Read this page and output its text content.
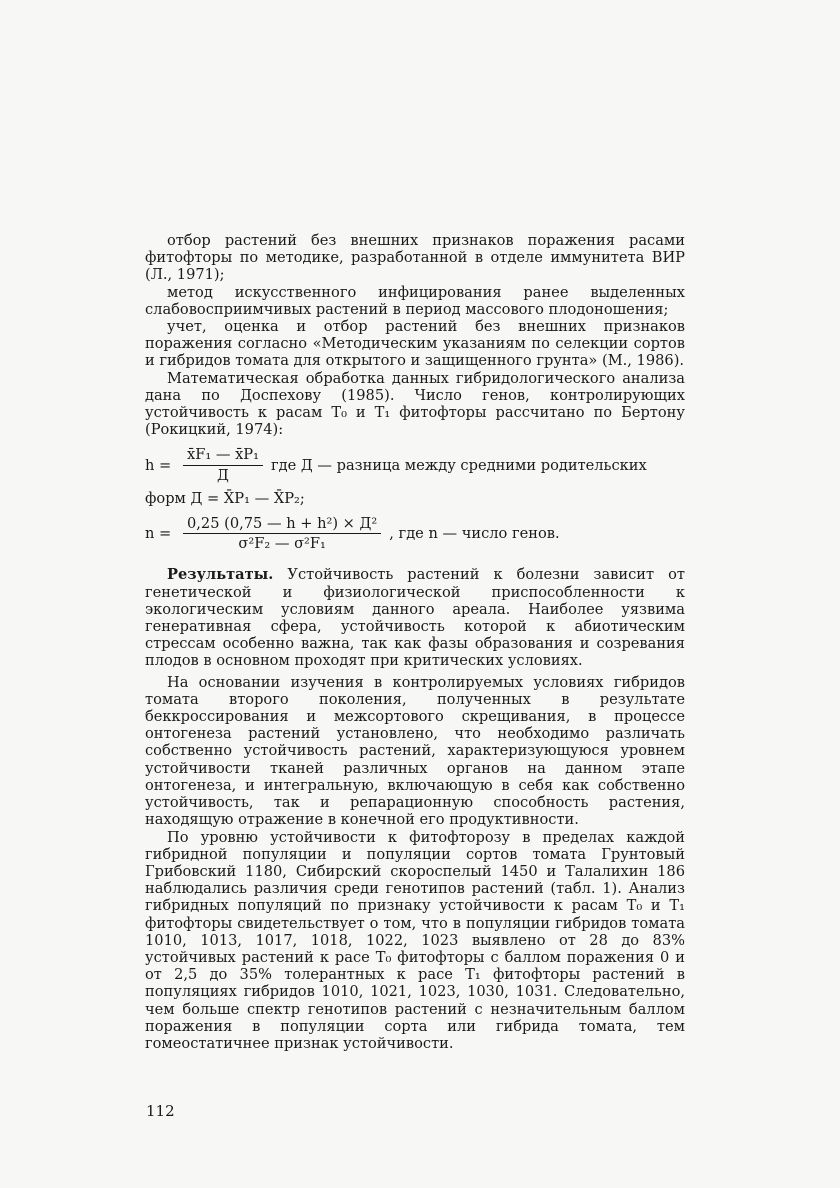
отбор растений без внешних признаков поражения расами фитофторы по методике, разработанной в отделе иммунитета ВИР (Л., 1971);

метод искусственного инфицирования ранее выделенных слабовосприимчивых растений в период массового плодоношения;

учет, оценка и отбор растений без внешних признаков поражения согласно «Методическим указаниям по селекции сортов и гибридов томата для открытого и защищенного грунта» (М., 1986).

Математическая обработка данных гибридологического анализа дана по Доспехову (1985). Число генов, контролирующих устойчивость к расам T₀ и T₁ фитофторы рассчитано по Бертону (Рокицкий, 1974):

$h = \frac{\text{x̄F₁ — x̄P₁}}{Д}$ где Д — разница между средними родительских

форм Д = X̄P₁ — X̄P₂;

$n = \frac{\text{0,25 (0,75 — h + h²) × Д²}}{\text{σ²F₂ — σ²F₁}}$ , где n — число генов.

Результаты. Устойчивость растений к болезни зависит от генетической и физиологической приспособленности к экологическим условиям данного ареала. Наиболее уязвима генеративная сфера, устойчивость которой к абиотическим стрессам особенно важна, так как фазы образования и созревания плодов в основном проходят при критических условиях.

На основании изучения в контролируемых условиях гибридов томата второго поколения, полученных в результате беккроссирования и межсортового скрещивания, в процессе онтогенеза растений установлено, что необходимо различать собственно устойчивость растений, характеризующуюся уровнем устойчивости тканей различных органов на данном этапе онтогенеза, и интегральную, включающую в себя как собственно устойчивость, так и репарационную способность растения, находящую отражение в конечной его продуктивности.

По уровню устойчивости к фитофторозу в пределах каждой гибридной популяции и популяции сортов томата Грунтовый Грибовский 1180, Сибирский скороспелый 1450 и Талалихин 186 наблюдались различия среди генотипов растений (табл. 1). Анализ гибридных популяций по признаку устойчивости к расам T₀ и T₁ фитофторы свидетельствует о том, что в популяции гибридов томата 1010, 1013, 1017, 1018, 1022, 1023 выявлено от 28 до 83% устойчивых растений к расе T₀ фитофторы с баллом поражения 0 и от 2,5 до 35% толерантных к расе T₁ фитофторы растений в популяциях гибридов 1010, 1021, 1023, 1030, 1031. Следовательно, чем больше спектр генотипов растений с незначительным баллом поражения в популяции сорта или гибрида томата, тем гомеостатичнее признак устойчивости.

112
